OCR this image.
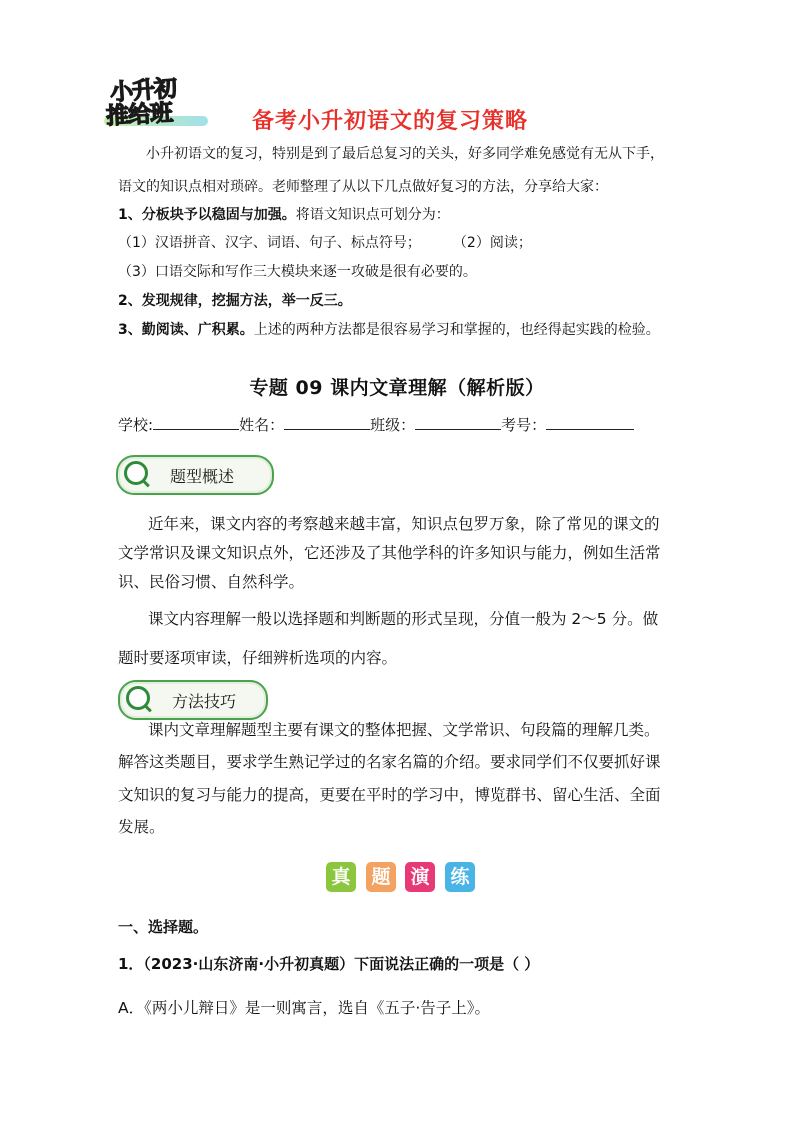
小升初
推给班	备考小升初语文的复习策略
小升初语文的复习，特别是到了最后总复习的关头，好多同学难免感觉有无从下手，
语文的知识点相对琐碎。老师整理了从以下几点做好复习的方法，分享给大家：
1、分板块予以稳固与加强。将语文知识点可划分为：
（1）汉语拼音、汉字、词语、句子、标点符号； （2）阅读；
（3）口语交际和写作三大模块来逐一攻破是很有必要的。
2、发现规律，挖掘方法，举一反三。
3、勤阅读、广积累。上述的两种方法都是很容易学习和掌握的，也经得起实践的检验。
专题 09 课内文章理解（解析版）
学校:	姓名：	班级：	考号：
题型概述
近年来，课文内容的考察越来越丰富，知识点包罗万象，除了常见的课文的
文学常识及课文知识点外，它还涉及了其他学科的许多知识与能力，例如生活常
识、民俗习惯、自然科学。
课文内容理解一般以选择题和判断题的形式呈现，分值一般为 2～5 分。做
题时要逐项审读，仔细辨析选项的内容。
方法技巧
课内文章理解题型主要有课文的整体把握、文学常识、句段篇的理解几类。
解答这类题目，要求学生熟记学过的名家名篇的介绍。要求同学们不仅要抓好课
文知识的复习与能力的提高，更要在平时的学习中，博览群书、留心生活、全面
发展。
真 题 演 练
一、选择题。
1．（2023·山东济南·小升初真题）下面说法正确的一项是（ ）
A．《两小儿辩日》是一则寓言，选自《五子·告子上》。
